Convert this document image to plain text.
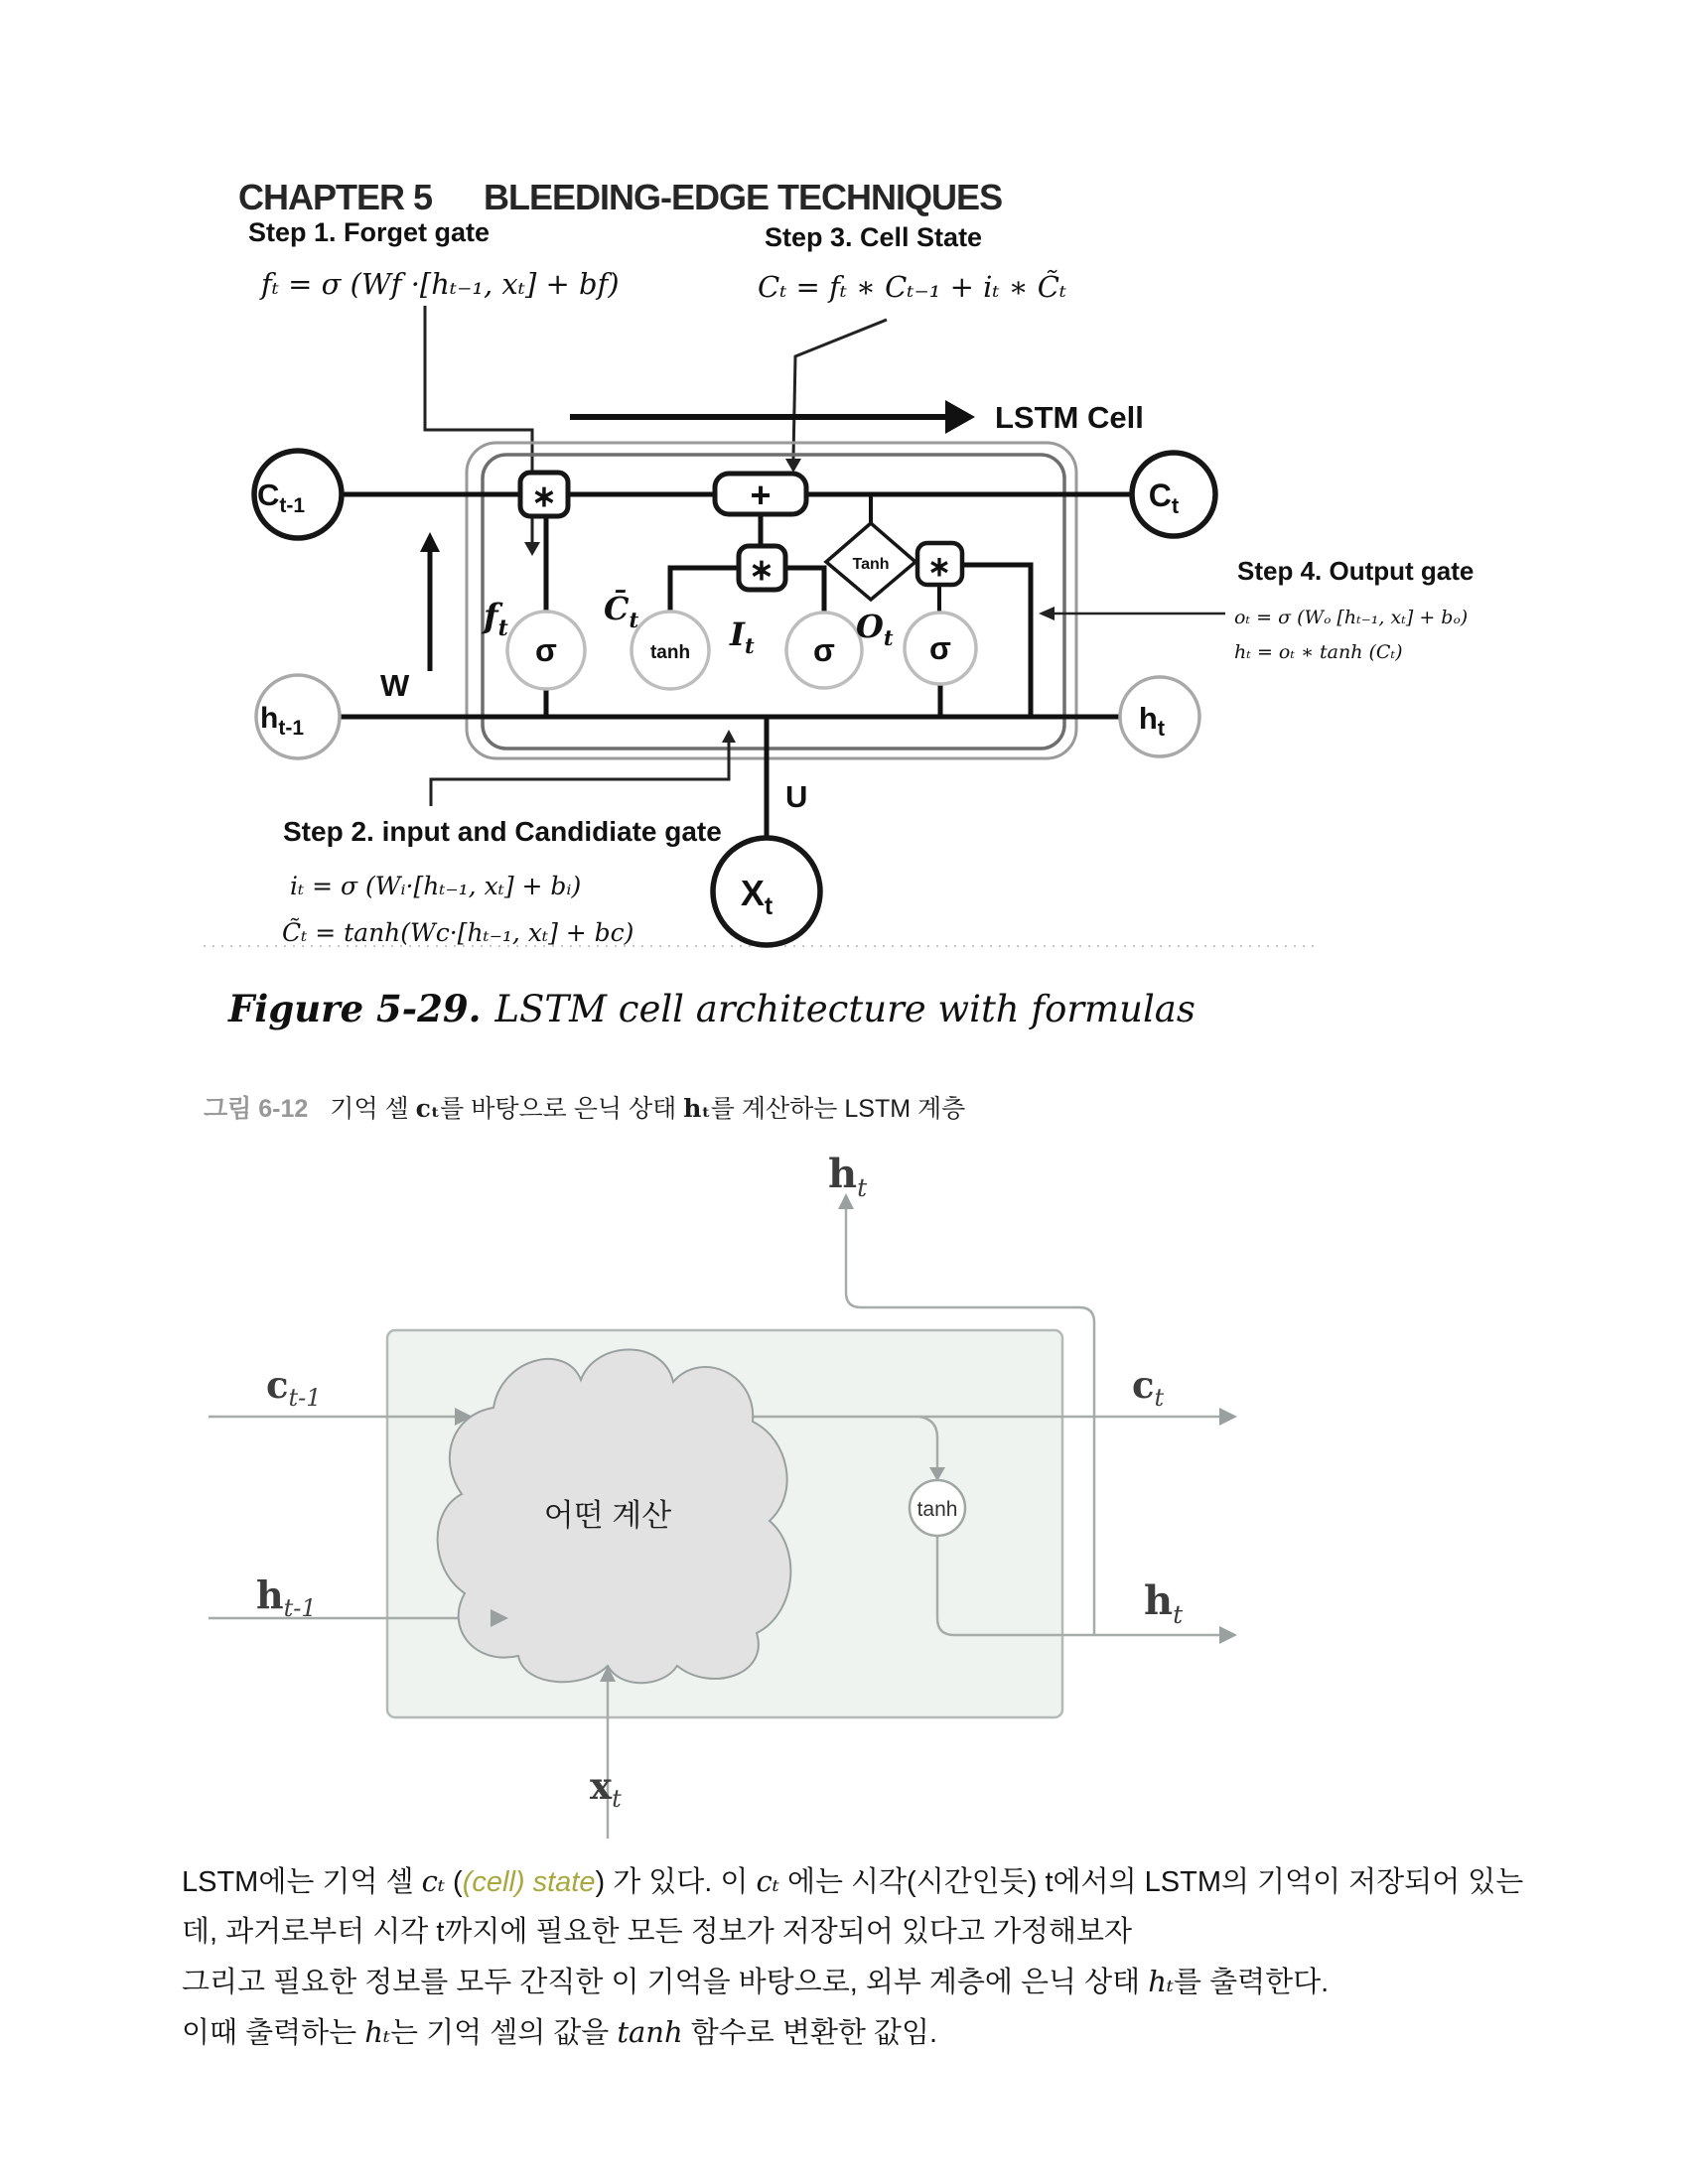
CHAPTER 5 BLEEDING-EDGE TECHNIQUES
σ	tanh	σ	σ
∗	+
∗	∗
Tanh
$C_{t-1}$	$C_t$
$h_{t-1}$	$h_t$
$X_t$
$f_t$
$C̄_t$	$I_t$
$O_t$
W
U
Step 1. Forget gate
fₜ = σ (Wf ·[hₜ₋₁, xₜ] + bf)
Step 3. Cell State
Cₜ = fₜ ∗ Cₜ₋₁ + iₜ ∗ C̃ₜ
LSTM Cell
Step 4. Output gate
oₜ = σ (Wₒ [hₜ₋₁, xₜ] + bₒ)
hₜ = oₜ ∗ tanh (Cₜ)
Step 2. input and Candidiate gate
iₜ = σ (Wᵢ·[hₜ₋₁, xₜ] + bᵢ)
C̃ₜ = tanh(Wc·[hₜ₋₁, xₜ] + bc)
어떤 계산	tanh
ct-1	ct
ht
ht-1	ht
xt
Figure 5-29. LSTM cell architecture with formulas
그림 6-12 기억 셀 cₜ를 바탕으로 은닉 상태 hₜ를 계산하는 LSTM 계층
LSTM에는 기억 셀 cₜ ((cell) state) 가 있다. 이 cₜ 에는 시각(시간인듯) t에서의 LSTM의 기억이 저장되어 있는
데, 과거로부터 시각 t까지에 필요한 모든 정보가 저장되어 있다고 가정해보자
그리고 필요한 정보를 모두 간직한 이 기억을 바탕으로, 외부 계층에 은닉 상태 hₜ를 출력한다.
이때 출력하는 hₜ는 기억 셀의 값을 tanh 함수로 변환한 값임.
